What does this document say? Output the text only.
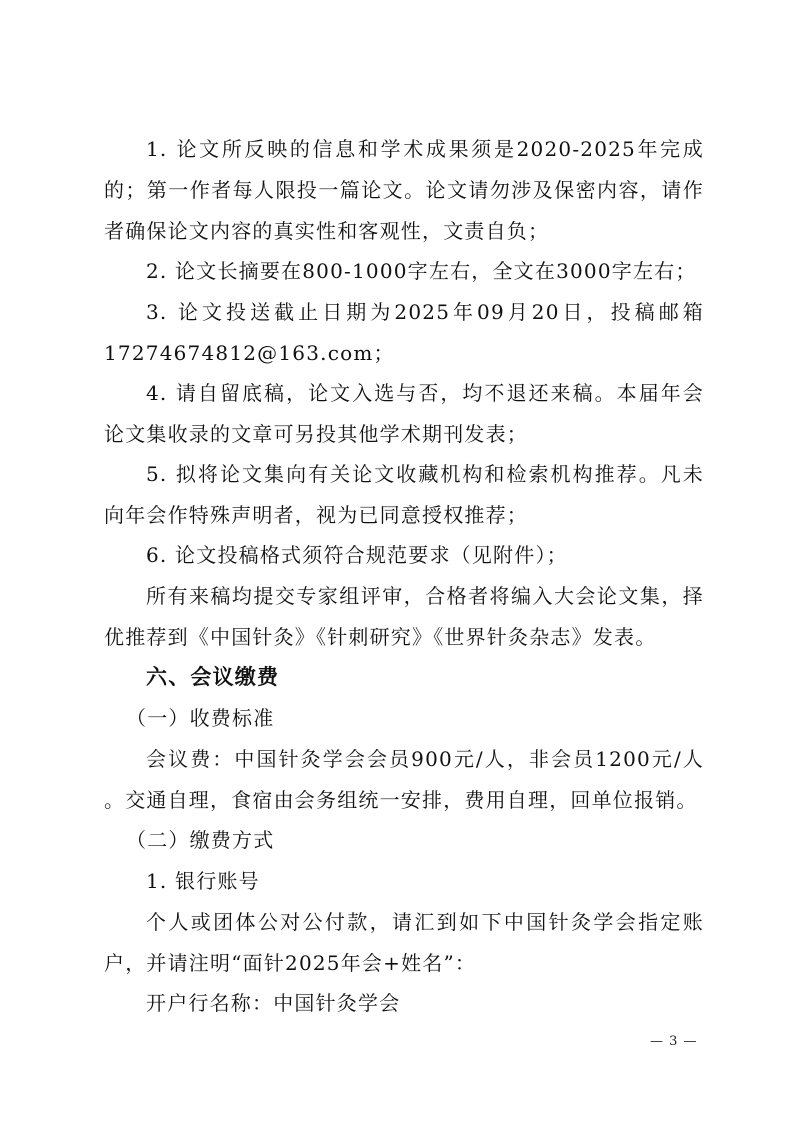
1. 论文所反映的信息和学术成果须是2020-2025年完成的；第一作者每人限投一篇论文。论文请勿涉及保密内容，请作者确保论文内容的真实性和客观性，文责自负；
2. 论文长摘要在800-1000字左右，全文在3000字左右；
3. 论文投送截止日期为2025年09月20日，投稿邮箱17274674812@163.com；
4. 请自留底稿，论文入选与否，均不退还来稿。本届年会论文集收录的文章可另投其他学术期刊发表；
5. 拟将论文集向有关论文收藏机构和检索机构推荐。凡未向年会作特殊声明者，视为已同意授权推荐；
6. 论文投稿格式须符合规范要求（见附件）；
所有来稿均提交专家组评审，合格者将编入大会论文集，择优推荐到《中国针灸》《针刺研究》《世界针灸杂志》发表。
六、会议缴费
（一）收费标准
会议费：中国针灸学会会员900元/人，非会员1200元/人 。交通自理，食宿由会务组统一安排，费用自理，回单位报销。
（二）缴费方式
1. 银行账号
个人或团体公对公付款，请汇到如下中国针灸学会指定账户，并请注明“面针2025年会+姓名”：
开户行名称：中国针灸学会
— 3 —
